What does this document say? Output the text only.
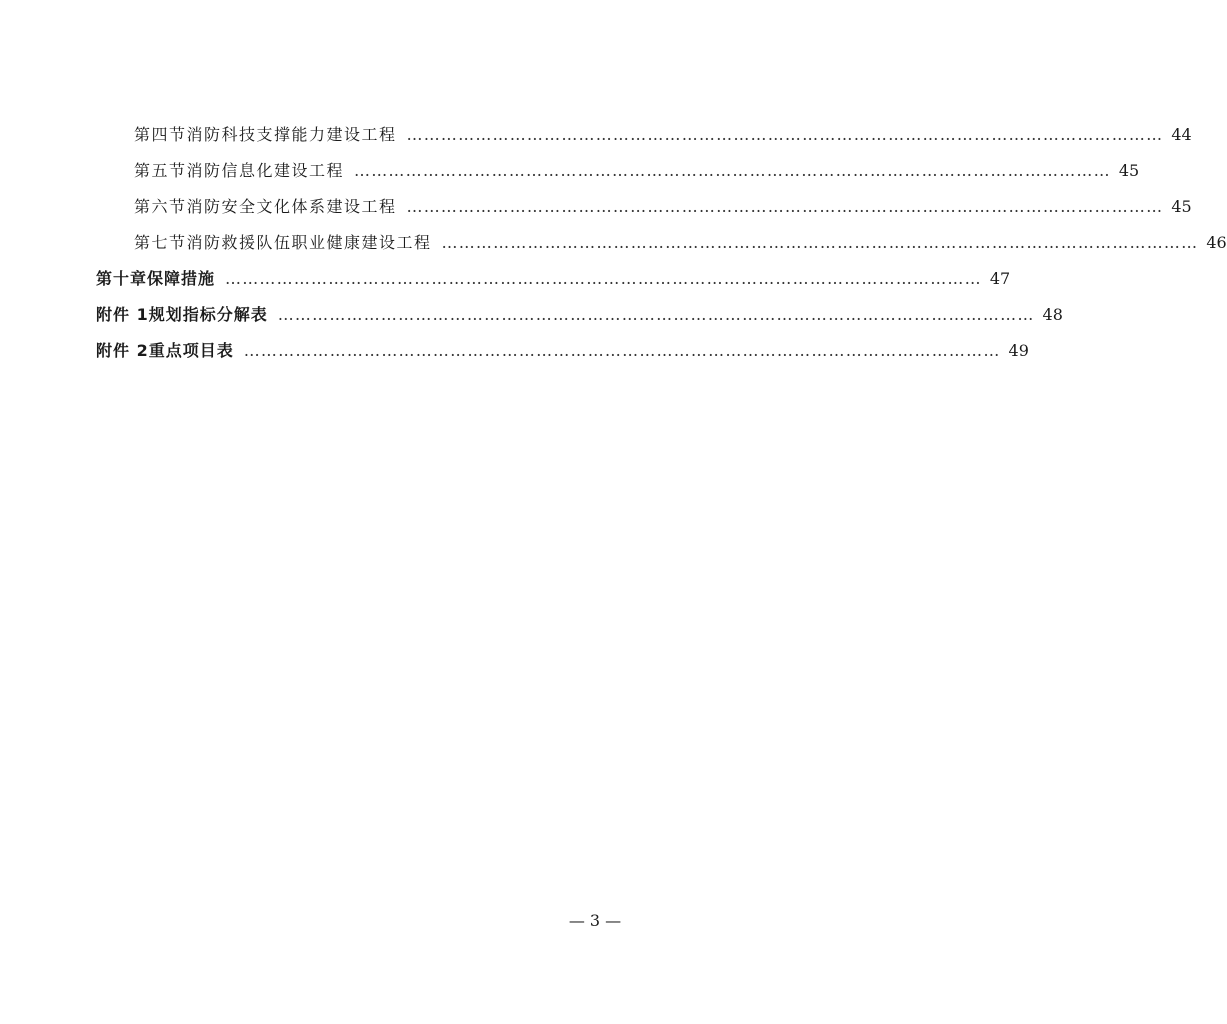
第四节 消防科技支撑能力建设工程 …………………………………………………………………………………………………………………… 44
第五节 消防信息化建设工程 …………………………………………………………………………………………………………………… 45
第六节 消防安全文化体系建设工程 …………………………………………………………………………………………………………………… 45
第七节 消防救援队伍职业健康建设工程 …………………………………………………………………………………………………………………… 46
第十章 保障措施 …………………………………………………………………………………………………………………… 47
附件 1 规划指标分解表 …………………………………………………………………………………………………………………… 48
附件 2 重点项目表 …………………………………………………………………………………………………………………… 49
— 3 —
